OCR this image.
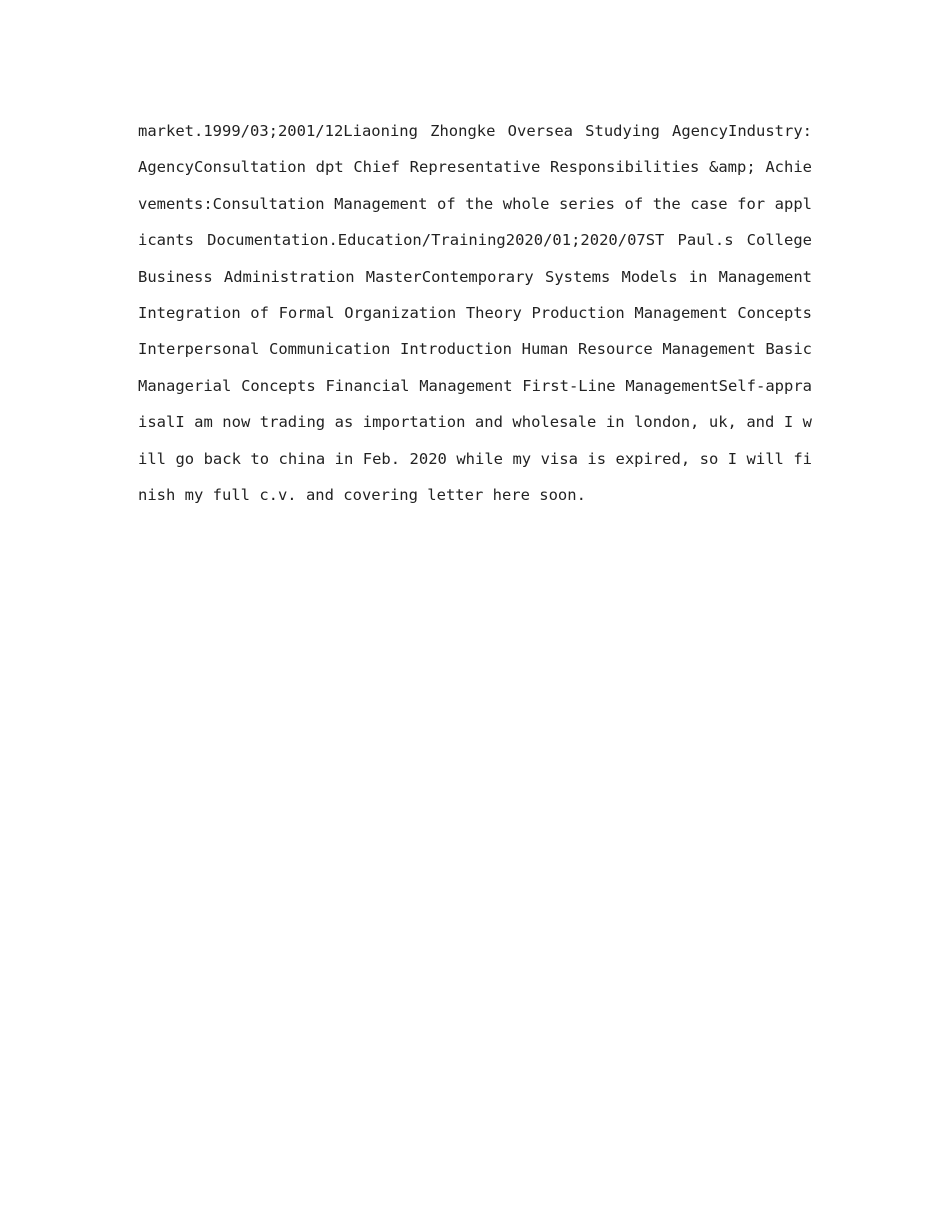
market.1999/03;2001/12Liaoning Zhongke Oversea Studying AgencyIndustry: AgencyConsultation dpt Chief Representative Responsibilities &amp; Achievements:Consultation Management of the whole series of the case for applicants Documentation.Education/Training2020/01;2020/07ST Paul.s College Business Administration MasterContemporary Systems Models in Management Integration of Formal Organization Theory Production Management Concepts Interpersonal Communication Introduction Human Resource Management Basic Managerial Concepts Financial Management First-Line ManagementSelf-appraisalI am now trading as importation and wholesale in london, uk, and I will go back to china in Feb. 2020 while my visa is expired, so I will finish my full c.v. and covering letter here soon.
